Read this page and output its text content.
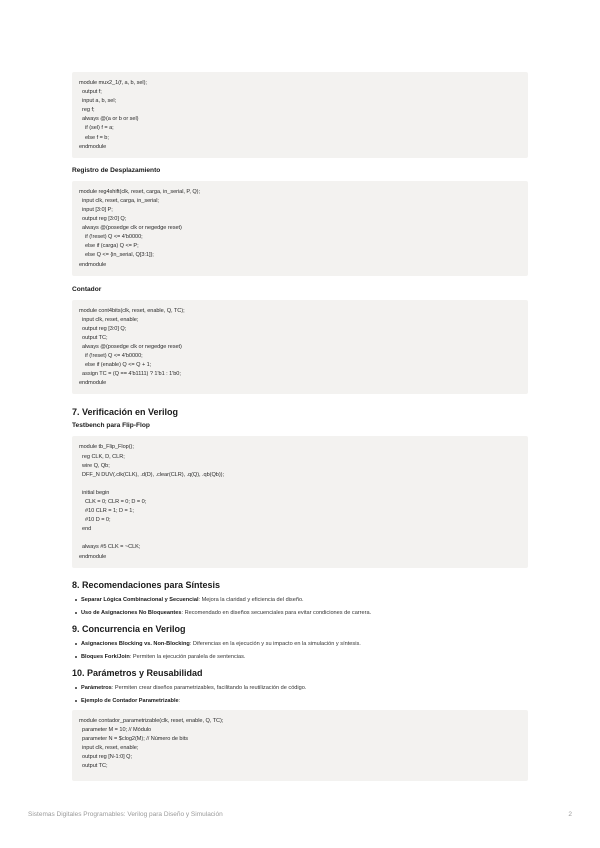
module mux2_1(f, a, b, sel);
output f;
input a, b, sel;
reg f;
always @(a or b or sel)
if (sel) f = a;
else f = b;
endmodule
Registro de Desplazamiento
module reg4shift(clk, reset, carga, in_serial, P, Q);
input clk, reset, carga, in_serial;
input [3:0] P;
output reg [3:0] Q;
always @(posedge clk or negedge reset)
if (!reset) Q <= 4'b0000;
else if (carga) Q <= P;
else Q <= {in_serial, Q[3:1]};
endmodule
Contador
module cont4bits(clk, reset, enable, Q, TC);
input clk, reset, enable;
output reg [3:0] Q;
output TC;
always @(posedge clk or negedge reset)
if (!reset) Q <= 4'b0000;
else if (enable) Q <= Q + 1;
assign TC = (Q == 4'b1111) ? 1'b1 : 1'b0;
endmodule
7. Verificación en Verilog
Testbench para Flip-Flop
module tb_Flip_Flop();
reg CLK, D, CLR;
wire Q, Qb;
DFF_N DUV(.clk(CLK), .d(D), .clear(CLR), .q(Q), .qb(Qb));

initial begin
CLK = 0; CLR = 0; D = 0;
#10 CLR = 1; D = 1;
#10 D = 0;
end

always #5 CLK = ~CLK;
endmodule
8. Recomendaciones para Síntesis
Separar Lógica Combinacional y Secuencial: Mejora la claridad y eficiencia del diseño.
Uso de Asignaciones No Bloqueantes: Recomendado en diseños secuenciales para evitar condiciones de carrera.
9. Concurrencia en Verilog
Asignaciones Blocking vs. Non-Blocking: Diferencias en la ejecución y su impacto en la simulación y síntesis.
Bloques Fork/Join: Permiten la ejecución paralela de sentencias.
10. Parámetros y Reusabilidad
Parámetros: Permiten crear diseños parametrizables, facilitando la reutilización de código.
Ejemplo de Contador Parametrizable:
module contador_parametrizable(clk, reset, enable, Q, TC);
parameter M = 10; // Módulo
parameter N = $clog2(M); // Número de bits
input clk, reset, enable;
output reg [N-1:0] Q;
output TC;
Sistemas Digitales Programables: Verilog para Diseño y Simulación	2
